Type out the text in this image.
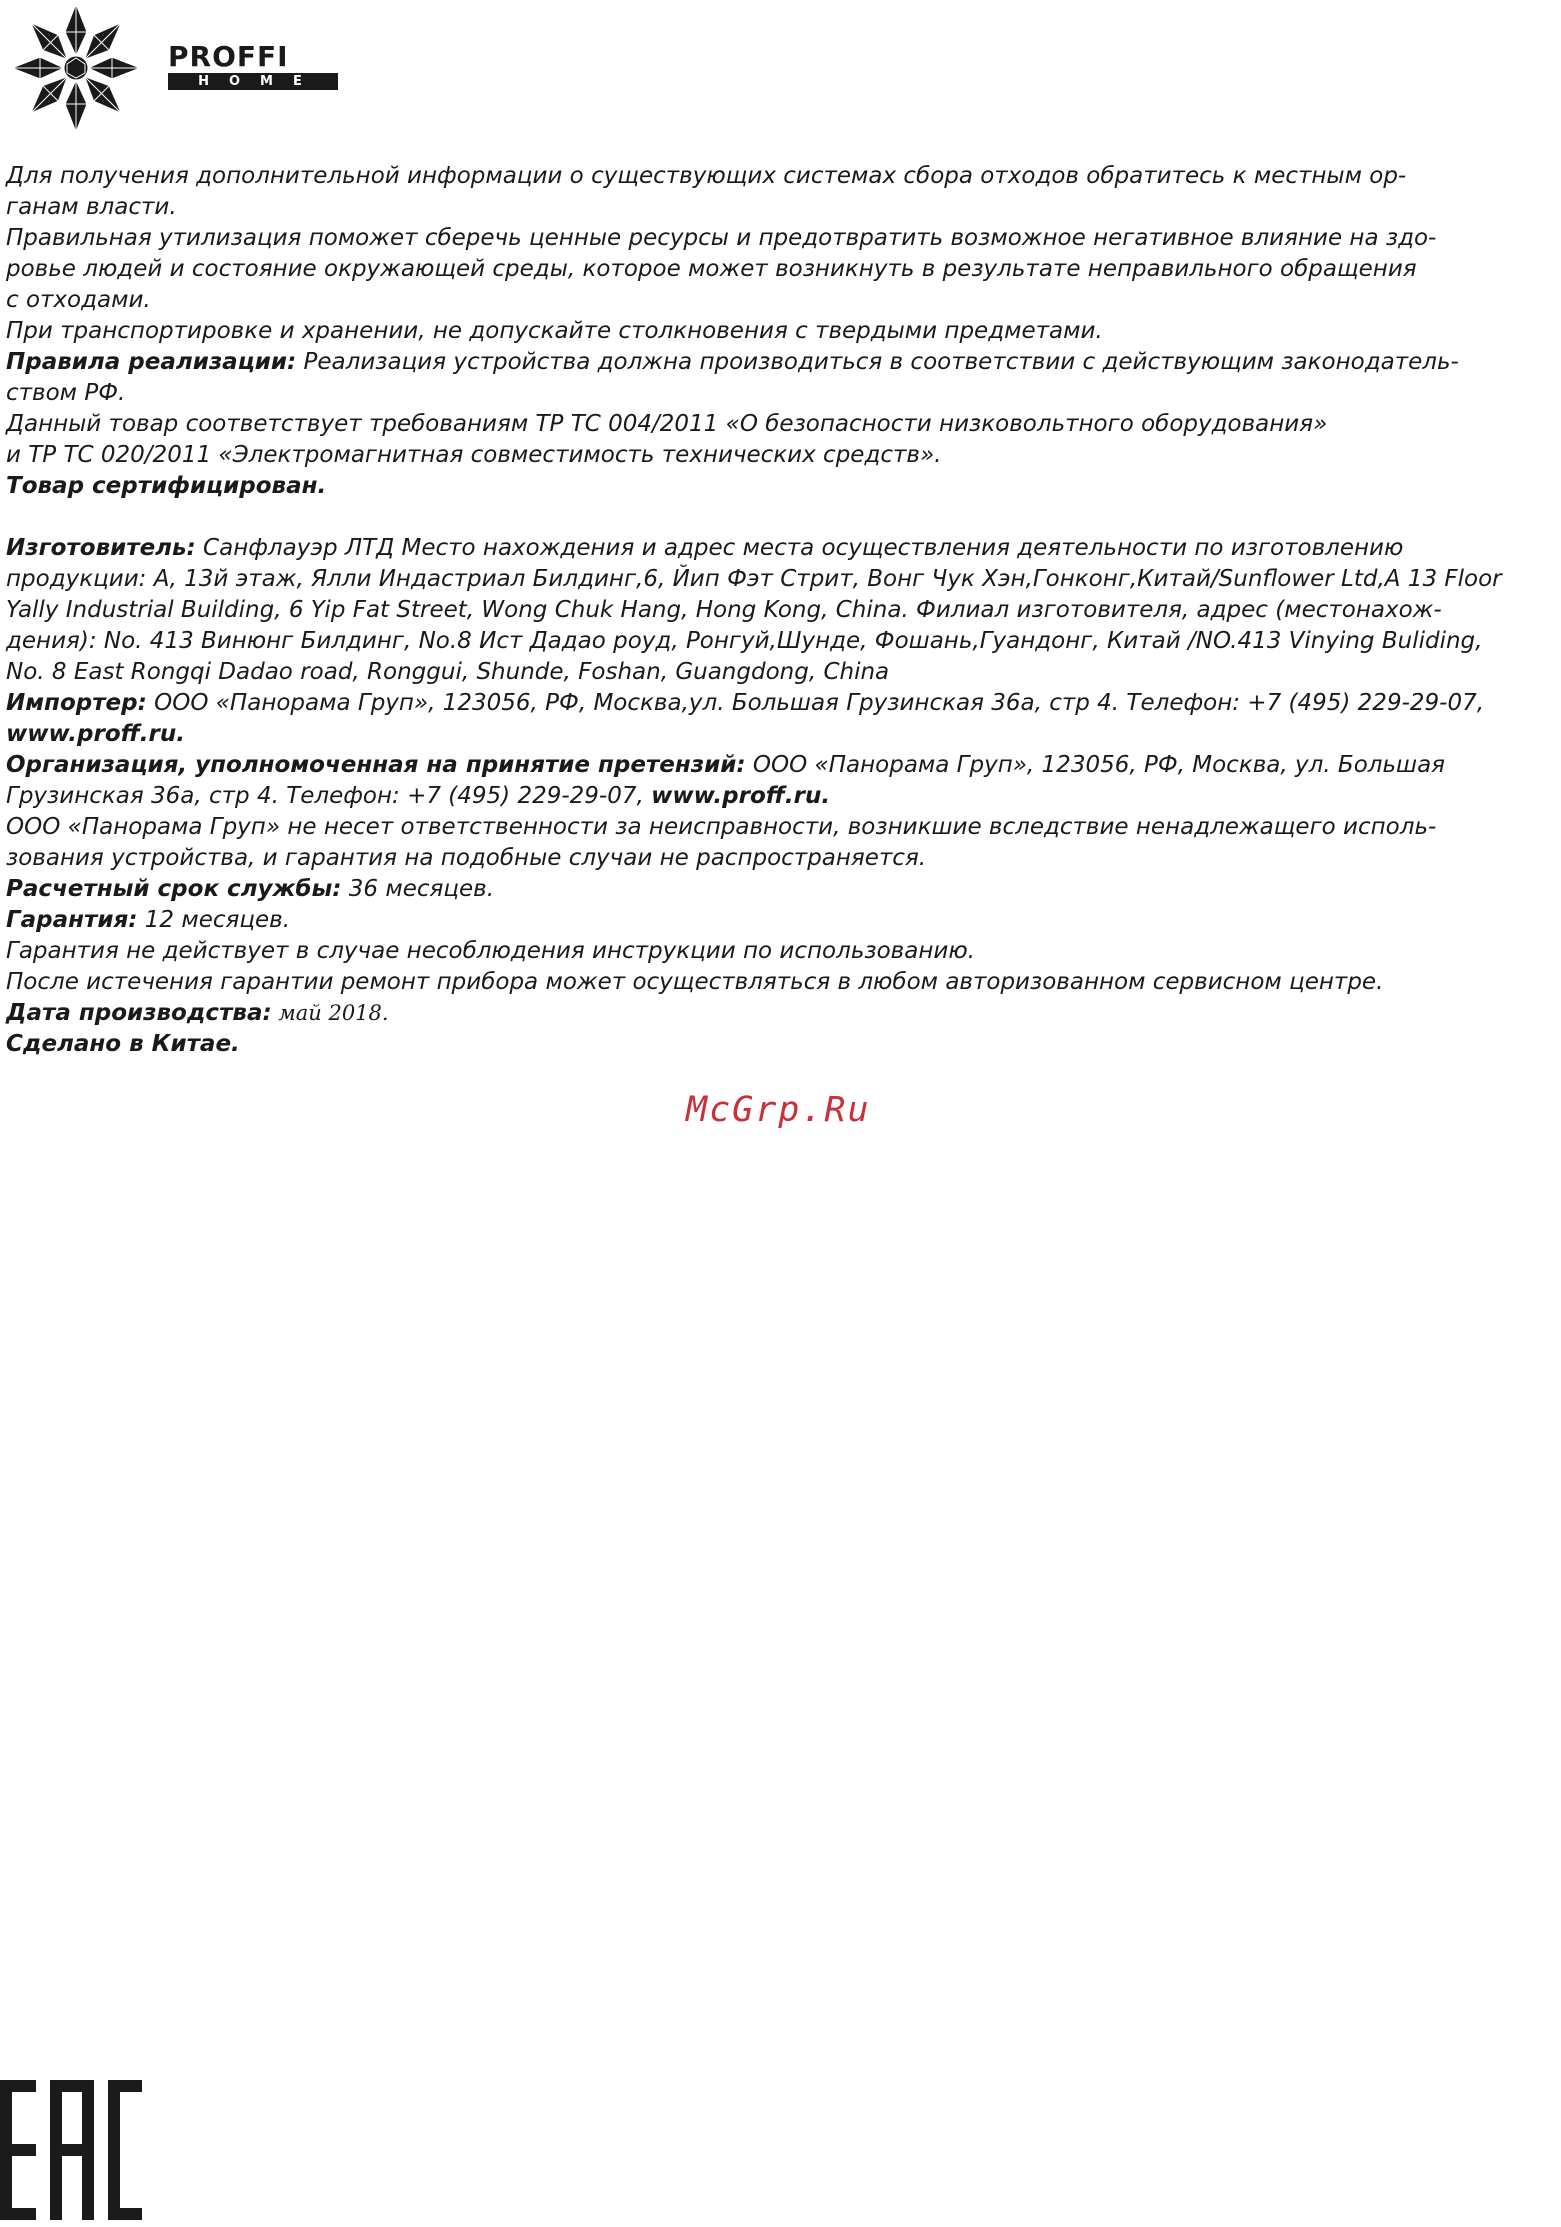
PROFFI
HOME
Для получения дополнительной информации о существующих системах сбора отходов обратитесь к местным ор-
ганам власти.
Правильная утилизация поможет сберечь ценные ресурсы и предотвратить возможное негативное влияние на здо-
ровье людей и состояние окружающей среды, которое может возникнуть в результате неправильного обращения
с отходами.
При транспортировке и хранении, не допускайте столкновения с твердыми предметами.
Правила реализации: Реализация устройства должна производиться в соответствии с действующим законодатель-
ством РФ.
Данный товар соответствует требованиям ТР ТС 004/2011 «О безопасности низковольтного оборудования»
и ТР ТС 020/2011 «Электромагнитная совместимость технических средств».
Товар сертифицирован.
Изготовитель: Санфлауэр ЛТД Место нахождения и адрес места осуществления деятельности по изготовлению
продукции: А, 13й этаж, Ялли Индастриал Билдинг,6, Йип Фэт Стрит, Вонг Чук Хэн,Гонконг,Китай/Sunflower Ltd,A 13 Floor
Yally Industrial Building, 6 Yip Fat Street, Wong Chuk Hang, Hong Kong, China. Филиал изготовителя, адрес (местонахож-
дения): No. 413 Винюнг Билдинг, No.8 Ист Дадао роуд, Ронгуй,Шунде, Фошань,Гуандонг, Китай /NO.413 Vinying Buliding,
No. 8 East Rongqi Dadao road, Ronggui, Shunde, Foshan, Guangdong, China
Импортер: ООО «Панорама Груп», 123056, РФ, Москва,ул. Большая Грузинская 36а, стр 4. Телефон: +7 (495) 229-29-07,
www.proff.ru.
Организация, уполномоченная на принятие претензий: ООО «Панорама Груп», 123056, РФ, Москва, ул. Большая
Грузинская 36а, стр 4. Телефон: +7 (495) 229-29-07, www.proff.ru.
ООО «Панорама Груп» не несет ответственности за неисправности, возникшие вследствие ненадлежащего исполь-
зования устройства, и гарантия на подобные случаи не распространяется.
Расчетный срок службы: 36 месяцев.
Гарантия: 12 месяцев.
Гарантия не действует в случае несоблюдения инструкции по использованию.
После истечения гарантии ремонт прибора может осуществляться в любом авторизованном сервисном центре.
Дата производства: май 2018.
Сделано в Китае.
McGrp.Ru
